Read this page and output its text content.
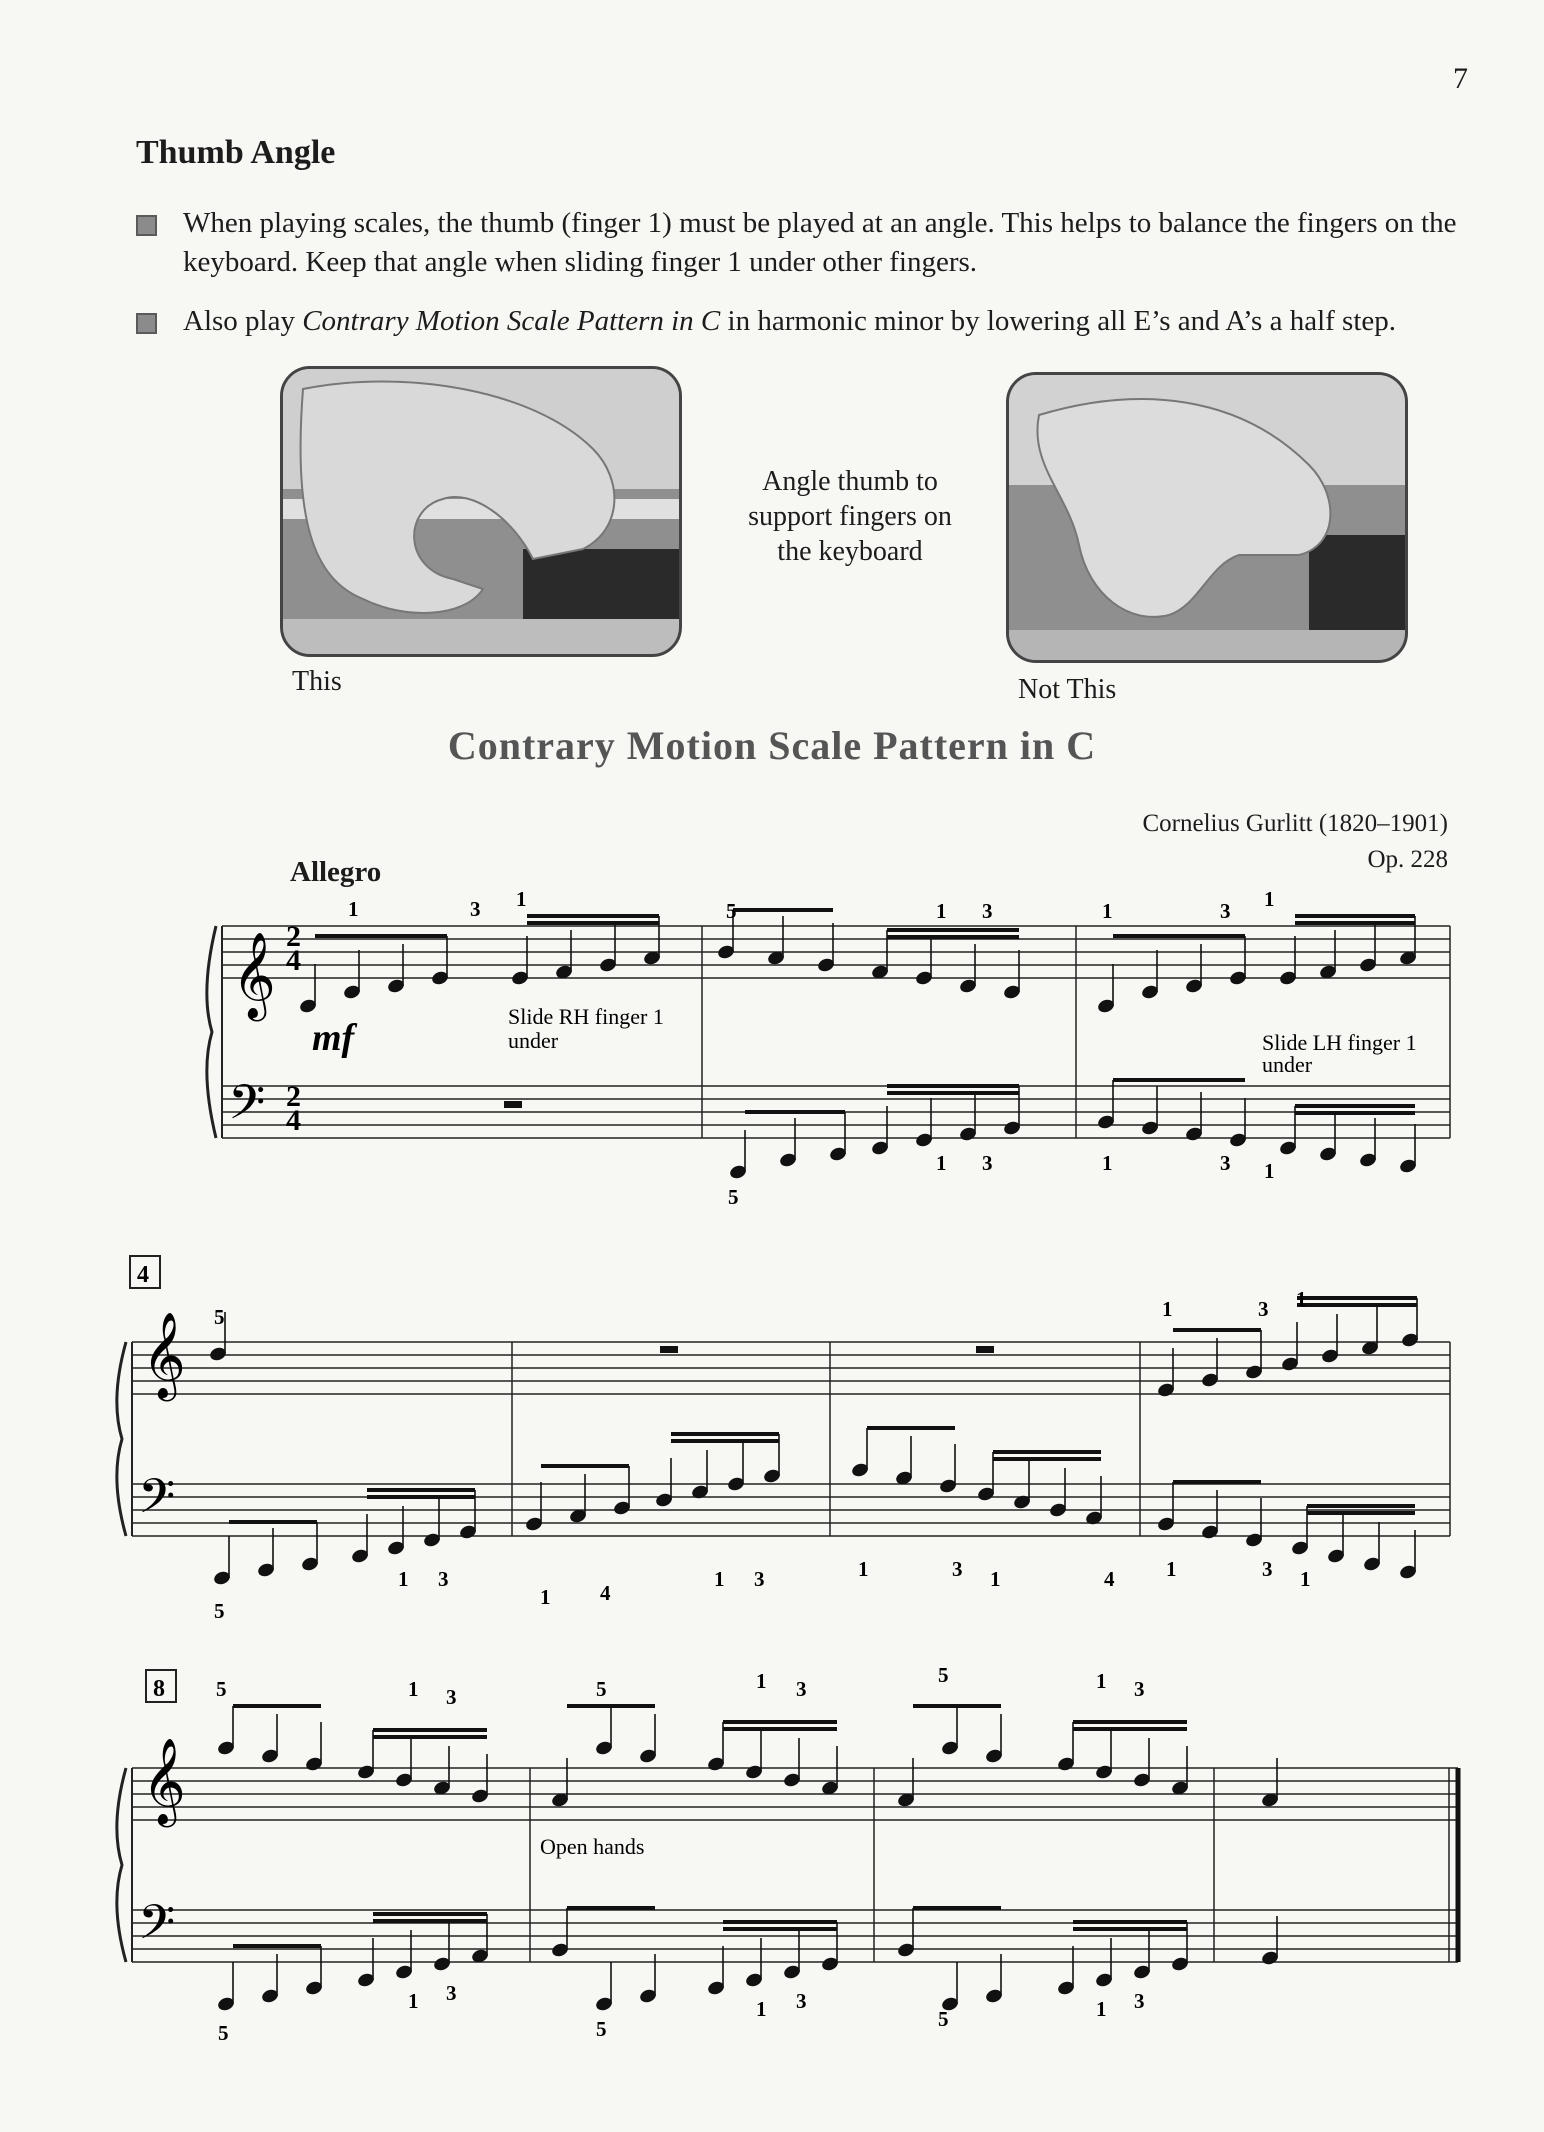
7
Thumb Angle
When playing scales, the thumb (finger 1) must be played at an angle. This helps to balance the fingers on the keyboard. Keep that angle when sliding finger 1 under other fingers.
Also play Contrary Motion Scale Pattern in C in harmonic minor by lowering all E’s and A’s a half step.
This
Angle thumb to
support fingers on
the keyboard
Not This
Contrary Motion Scale Pattern in C
Cornelius Gurlitt (1820–1901)
Op. 228
Allegro
1	3 1	5	1 3	1	3 1
5
1 3	1	3 1
5	1	3 1
5
1 3
1 4
1 3	1	3 1	4 1	3 1
5	1 3	5	1 3
5	1 3
5
1 3
5
1 3
5	1 3
𝄞
𝄢
2
4
2
4
𝄞
𝄢
𝄞
𝄢
mf
Slide RH finger 1
under	Slide LH finger 1
under
Open hands
4
8
